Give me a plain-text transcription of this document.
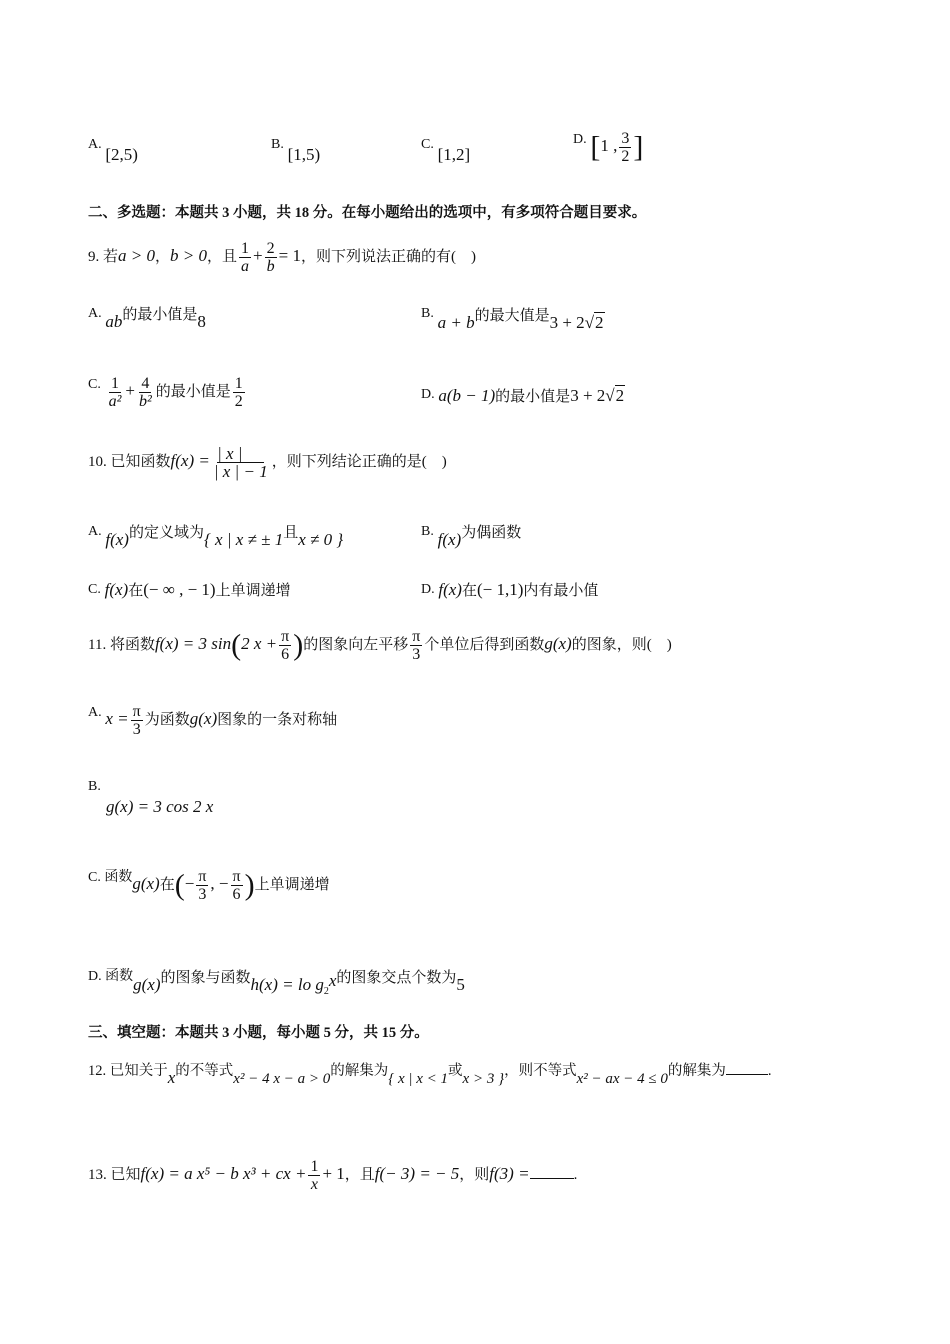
A. [2,5)
B. [1,5)
C. [1,2]
D. [1 , $\frac{3}{2}$ ]
二、多选题：本题共 3 小题，共 18 分。在每小题给出的选项中，有多项符合题目要求。
9. 若a > 0，b > 0，且 $\frac{1}{a} + \frac{2}{b} = 1$，则下列说法正确的有(　)
A. ab的最小值是8	B. a + b的最大值是3 + 2√2
C. $\frac{1}{\text{a²}} + \frac{4}{\text{b²}}$ 的最小值是 $\frac{1}{2}$	D. a(b − 1)的最小值是3 + 2√2
10. 已知函数$f(x) = \frac{| x |}{| x | - 1}$ ，则下列结论正确的是(　)
A. f(x)的定义域为{ x | x ≠ ± 1且x ≠ 0 }	B. f(x)为偶函数
C. f(x)在(− ∞ , − 1)上单调递增	D. f(x)在(− 1,1)内有最小值
11. 将函数f(x) = 3 sin(2 $x + \frac{\pi}{6}$ )的图象向左平移 $\frac{\pi}{3}$ 个单位后得到函数g(x)的图象，则(　)
A. $x = \frac{\pi}{3}$ 为函数g(x)图象的一条对称轴
B.
g(x) = 3 cos 2 x
C. 函数g(x)在(− $\frac{\pi}{3}$ , − $\frac{\pi}{6}$ )上单调递增
D. 函数g(x)的图象与函数h(x) = lo $g_2x$的图象交点个数为5
三、填空题：本题共 3 小题，每小题 5 分，共 15 分。
12. 已知关于x的不等式x² − 4 x − a > 0的解集为{ x | x < 1或x > 3 }，则不等式x² − ax − 4 ≤ 0的解集为	.
13. 已知f(x) = a x⁵ − b x³ + cx + $\frac{1}{x} + 1$，且f(− 3) = − 5，则f(3) =	.
